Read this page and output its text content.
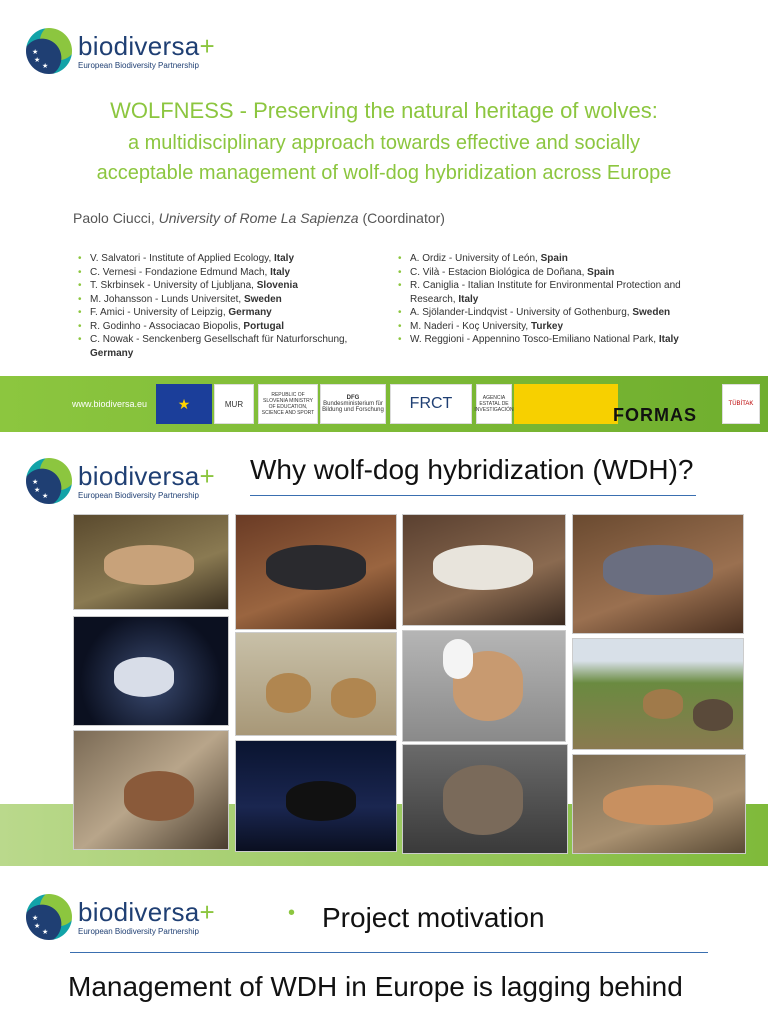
★
★
★ biodiversa+
European Biodiversity Partnership
WOLFNESS - Preserving the natural heritage of wolves:
a multidisciplinary approach towards effective and socially
acceptable management of wolf-dog hybridization across Europe
Paolo Ciucci, University of Rome La Sapienza (Coordinator)
• V. Salvatori - Institute of Applied Ecology, Italy
• C. Vernesi - Fondazione Edmund Mach, Italy
• T. Skrbinsek - University of Ljubljana, Slovenia
• M. Johansson - Lunds Universitet, Sweden
• F. Amici - University of Leipzig, Germany
• R. Godinho - Associacao Biopolis, Portugal
• C. Nowak - Senckenberg Gesellschaft für Naturforschung, Germany
• A. Ordiz - University of León, Spain
• C. Vilà - Estacion Biológica de Doñana, Spain
• R. Caniglia - Italian Institute for Environmental Protection and Research, Italy
• A. Sjölander-Lindqvist - University of Gothenburg, Sweden
• M. Naderi - Koç University, Turkey
• W. Reggioni - Appennino Tosco-Emiliano National Park, Italy
www.biodiversa.eu	★	MUR
REPUBLIC OF SLOVENIA MINISTRY OF EDUCATION, SCIENCE AND SPORT
DFG
Bundesministerium für Bildung und Forschung	FRCT	AGENCIA ESTATAL DE INVESTIGACIÓN	FORMAS
TÜBİTAK
★
★
★ biodiversa+
European Biodiversity Partnership
Why wolf-dog hybridization (WDH)?
★
★
★ biodiversa+
European Biodiversity Partnership
• Project motivation
Management of WDH in Europe is lagging behind
